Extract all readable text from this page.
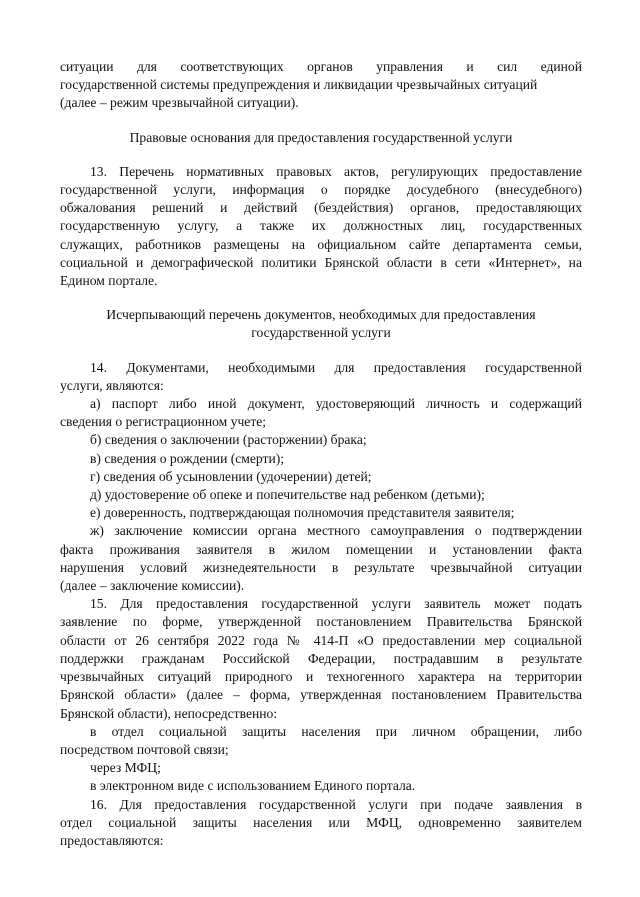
ситуации для соответствующих органов управления и сил единой
государственной системы предупреждения и ликвидации чрезвычайных ситуаций
(далее – режим чрезвычайной ситуации).

Правовые основания для предоставления государственной услуги

13. Перечень нормативных правовых актов, регулирующих предоставление
государственной услуги, информация о порядке досудебного (внесудебного)
обжалования решений и действий (бездействия) органов, предоставляющих
государственную услугу, а также их должностных лиц, государственных
служащих, работников размещены на официальном сайте департамента семьи,
социальной и демографической политики Брянской области в сети «Интернет», на
Едином портале.

Исчерпывающий перечень документов, необходимых для предоставления
государственной услуги

14. Документами, необходимыми для предоставления государственной
услуги, являются:

а) паспорт либо иной документ, удостоверяющий личность и содержащий
сведения о регистрационном учете;

б) сведения о заключении (расторжении) брака;

в) сведения о рождении (смерти);

г) сведения об усыновлении (удочерении) детей;

д) удостоверение об опеке и попечительстве над ребенком (детьми);

е) доверенность, подтверждающая полномочия представителя заявителя;

ж) заключение комиссии органа местного самоуправления о подтверждении
факта проживания заявителя в жилом помещении и установлении факта
нарушения условий жизнедеятельности в результате чрезвычайной ситуации
(далее – заключение комиссии).

15. Для предоставления государственной услуги заявитель может подать
заявление по форме, утвержденной постановлением Правительства Брянской
области от 26 сентября 2022 года № 414-П «О предоставлении мер социальной
поддержки гражданам Российской Федерации, пострадавшим в результате
чрезвычайных ситуаций природного и техногенного характера на территории
Брянской области» (далее – форма, утвержденная постановлением Правительства
Брянской области), непосредственно:

в отдел социальной защиты населения при личном обращении, либо
посредством почтовой связи;

через МФЦ;

в электронном виде с использованием Единого портала.

16. Для предоставления государственной услуги при подаче заявления в
отдел социальной защиты населения или МФЦ, одновременно заявителем
предоставляются:
